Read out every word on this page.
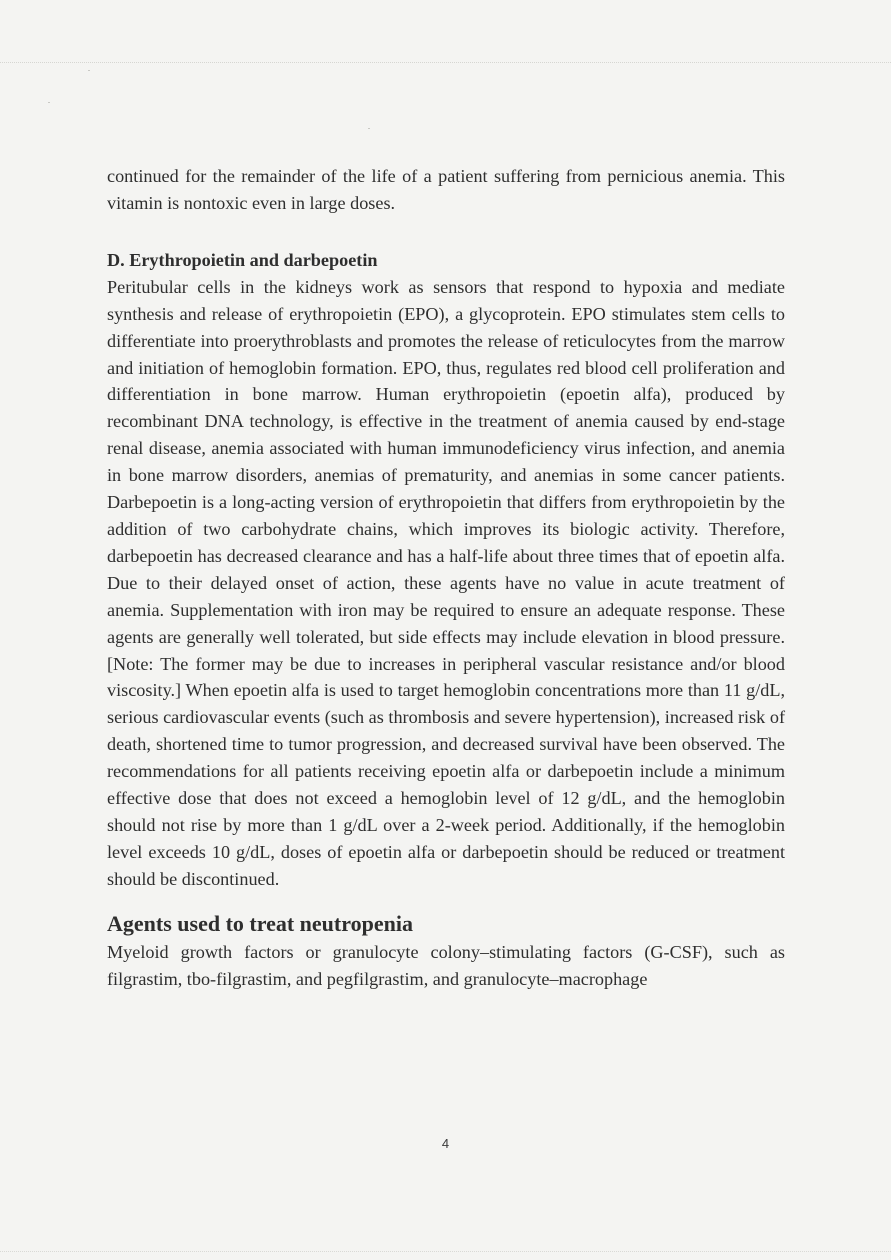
continued for the remainder of the life of a patient suffering from pernicious anemia. This vitamin is nontoxic even in large doses.

D. Erythropoietin and darbepoetin

Peritubular cells in the kidneys work as sensors that respond to hypoxia and mediate synthesis and release of erythropoietin (EPO), a glycoprotein. EPO stimulates stem cells to differentiate into proerythroblasts and promotes the release of reticulocytes from the marrow and initiation of hemoglobin formation. EPO, thus, regulates red blood cell proliferation and differentiation in bone marrow. Human erythropoietin (epoetin alfa), produced by recombinant DNA technology, is effective in the treatment of anemia caused by end-stage renal disease, anemia associated with human immunodeficiency virus infection, and anemia in bone marrow disorders, anemias of prematurity, and anemias in some cancer patients. Darbepoetin is a long-acting version of erythropoietin that differs from erythropoietin by the addition of two carbohydrate chains, which improves its biologic activity. Therefore, darbepoetin has decreased clearance and has a half-life about three times that of epoetin alfa. Due to their delayed onset of action, these agents have no value in acute treatment of anemia. Supplementation with iron may be required to ensure an adequate response. These agents are generally well tolerated, but side effects may include elevation in blood pressure. [Note: The former may be due to increases in peripheral vascular resistance and/or blood viscosity.] When epoetin alfa is used to target hemoglobin concentrations more than 11 g/dL, serious cardiovascular events (such as thrombosis and severe hypertension), increased risk of death, shortened time to tumor progression, and decreased survival have been observed. The recommendations for all patients receiving epoetin alfa or darbepoetin include a minimum effective dose that does not exceed a hemoglobin level of 12 g/dL, and the hemoglobin should not rise by more than 1 g/dL over a 2-week period. Additionally, if the hemoglobin level exceeds 10 g/dL, doses of epoetin alfa or darbepoetin should be reduced or treatment should be discontinued.

Agents used to treat neutropenia

Myeloid growth factors or granulocyte colony–stimulating factors (G-CSF), such as filgrastim, tbo-filgrastim, and pegfilgrastim, and granulocyte–macrophage

4
